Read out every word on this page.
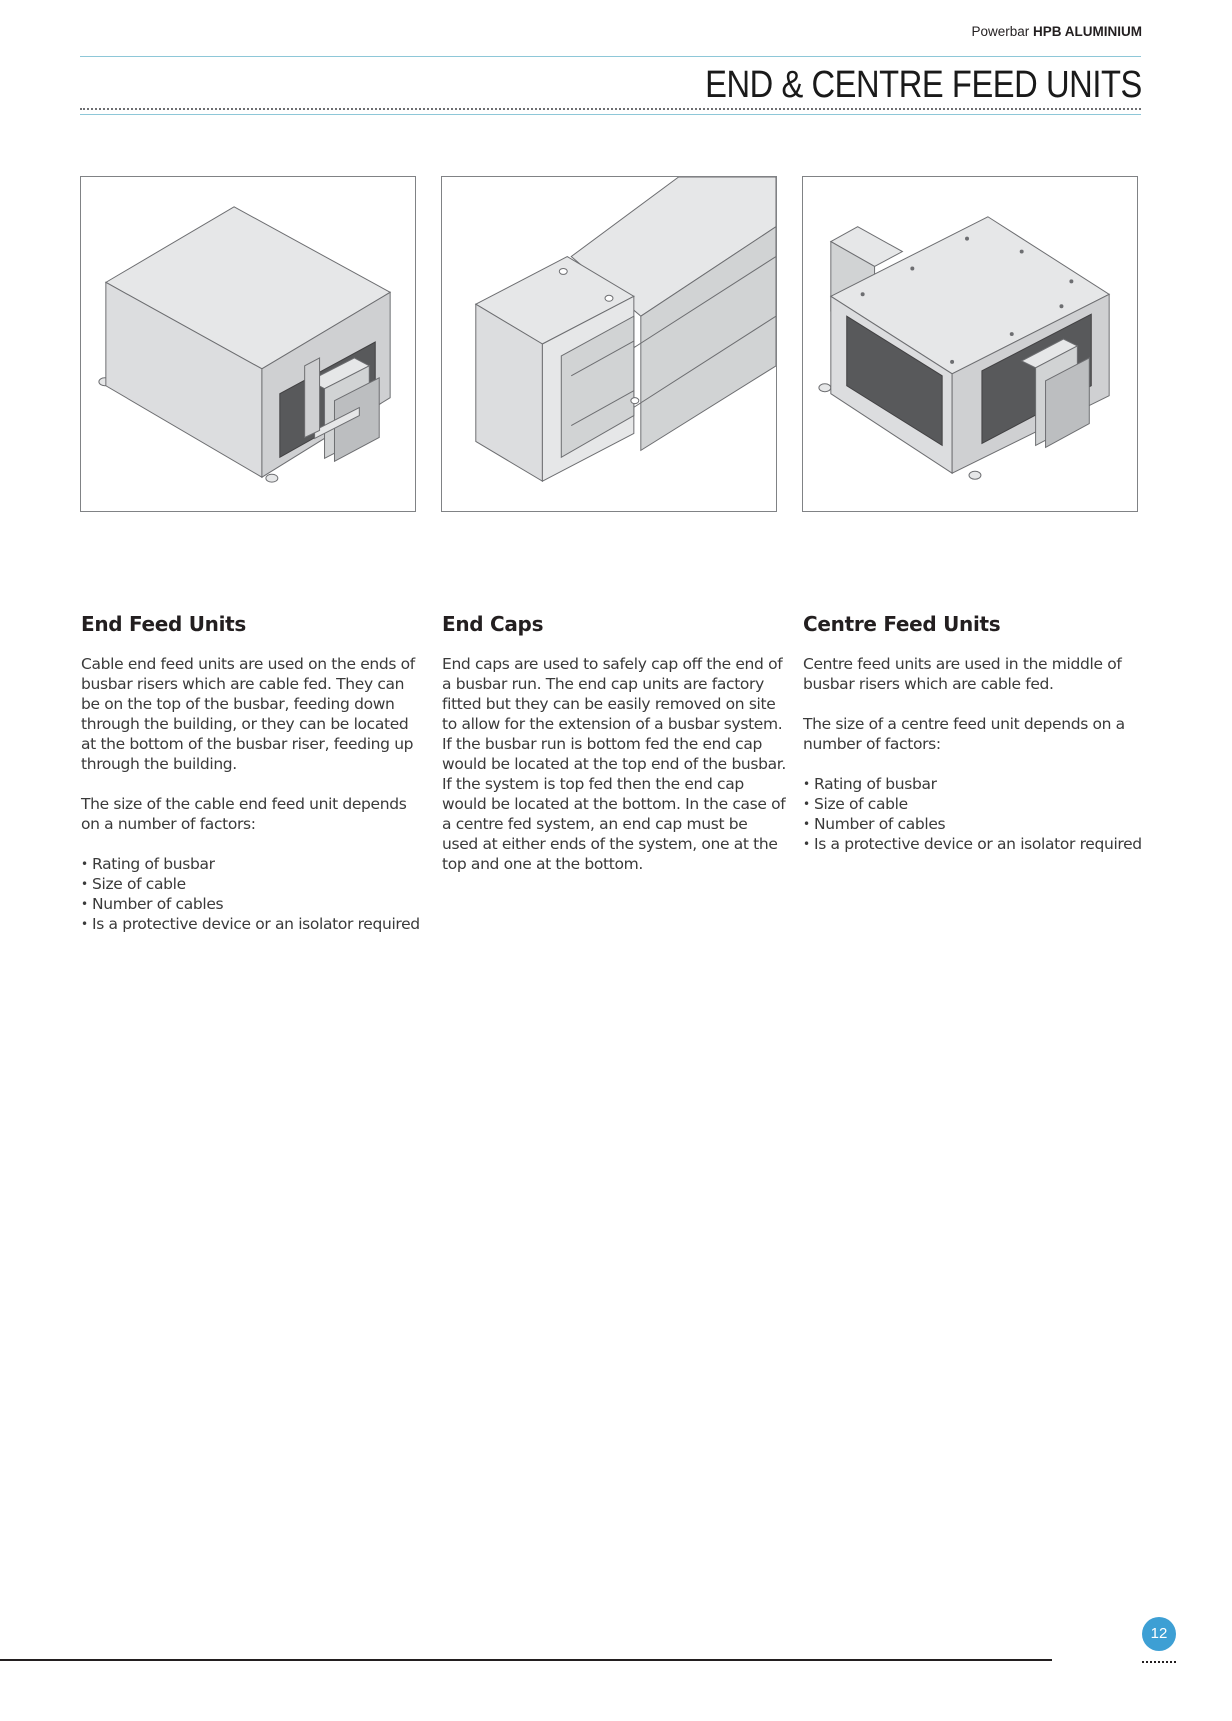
Powerbar HPB ALUMINIUM
END & CENTRE FEED UNITS
End Feed Units

Cable end feed units are used on the ends of busbar risers which are cable fed. They can be on the top of the busbar, feeding down through the building, or they can be located at the bottom of the busbar riser, feeding up through the building.

The size of the cable end feed unit depends on a number of factors:

• Rating of busbar
• Size of cable
• Number of cables
• Is a protective device or an isolator required
End Caps

End caps are used to safely cap off the end of a busbar run. The end cap units are factory fitted but they can be easily removed on site to allow for the extension of a busbar system. If the busbar run is bottom fed the end cap would be located at the top end of the busbar. If the system is top fed then the end cap would be located at the bottom. In the case of a centre fed system, an end cap must be used at either ends of the system, one at the top and one at the bottom.

Centre Feed Units

Centre feed units are used in the middle of busbar risers which are cable fed.

The size of a centre feed unit depends on a number of factors:

• Rating of busbar
• Size of cable
• Number of cables
• Is a protective device or an isolator required
12
